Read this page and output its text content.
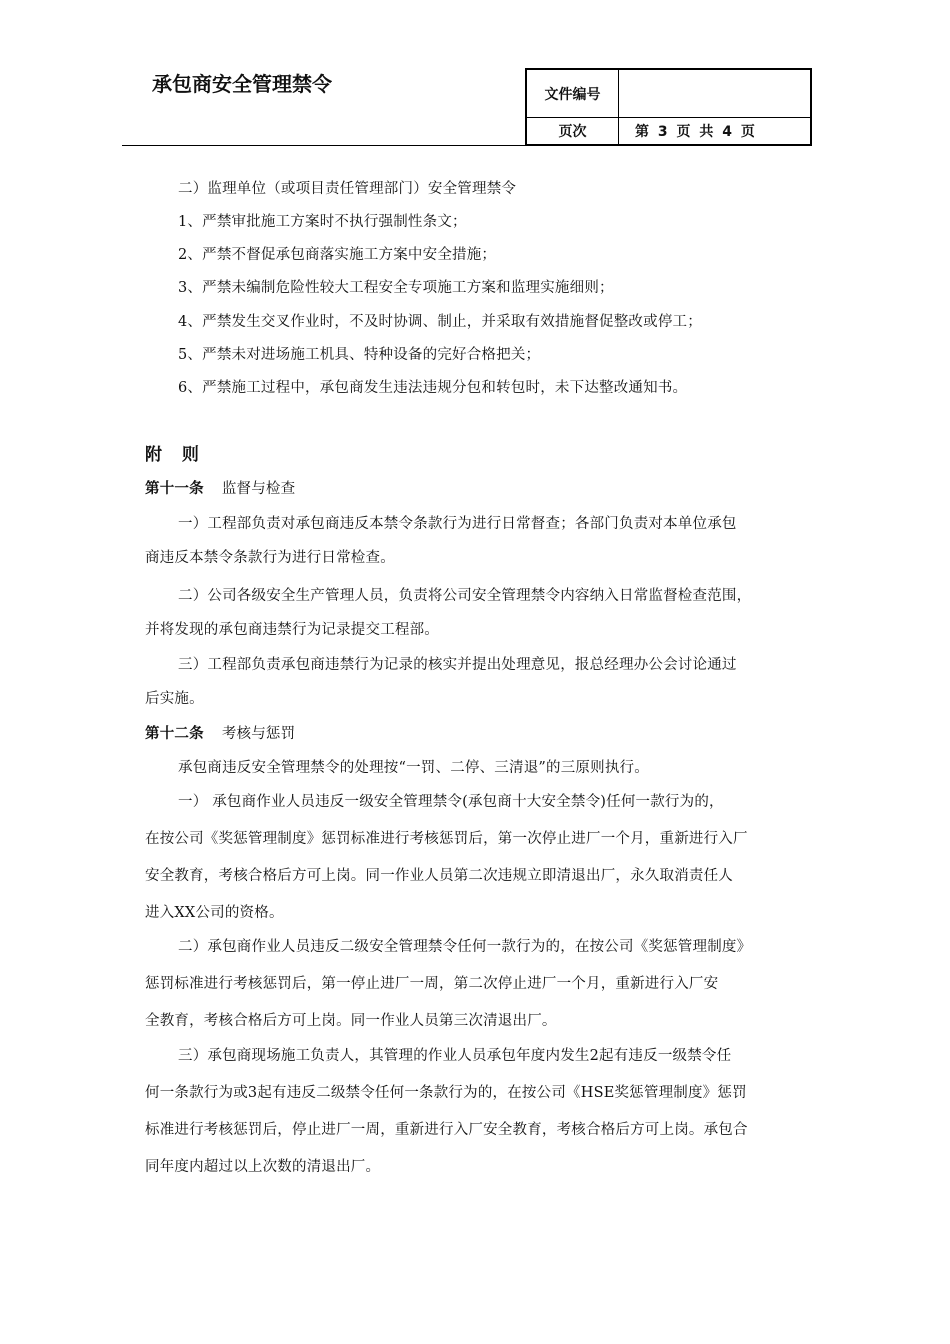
承包商安全管理禁令	文件编号
页次	第 3 页 共 4 页
二）监理单位（或项目责任管理部门）安全管理禁令
1、严禁审批施工方案时不执行强制性条文；
2、严禁不督促承包商落实施工方案中安全措施；
3、严禁未编制危险性较大工程安全专项施工方案和监理实施细则；
4、严禁发生交叉作业时，不及时协调、制止，并采取有效措施督促整改或停工；
5、严禁未对进场施工机具、特种设备的完好合格把关；
6、严禁施工过程中，承包商发生违法违规分包和转包时，未下达整改通知书。
附 则
第十一条 监督与检查
一）工程部负责对承包商违反本禁令条款行为进行日常督查；各部门负责对本单位承包
商违反本禁令条款行为进行日常检查。
二）公司各级安全生产管理人员，负责将公司安全管理禁令内容纳入日常监督检查范围，
并将发现的承包商违禁行为记录提交工程部。
三）工程部负责承包商违禁行为记录的核实并提出处理意见，报总经理办公会讨论通过
后实施。
第十二条 考核与惩罚
承包商违反安全管理禁令的处理按“一罚、二停、三清退”的三原则执行。
一） 承包商作业人员违反一级安全管理禁令(承包商十大安全禁令)任何一款行为的，
在按公司《奖惩管理制度》惩罚标准进行考核惩罚后，第一次停止进厂一个月，重新进行入厂
安全教育，考核合格后方可上岗。同一作业人员第二次违规立即清退出厂，永久取消责任人
进入XX公司的资格。
二）承包商作业人员违反二级安全管理禁令任何一款行为的，在按公司《奖惩管理制度》
惩罚标准进行考核惩罚后，第一停止进厂一周，第二次停止进厂一个月，重新进行入厂安
全教育，考核合格后方可上岗。同一作业人员第三次清退出厂。
三）承包商现场施工负责人，其管理的作业人员承包年度内发生2起有违反一级禁令任
何一条款行为或3起有违反二级禁令任何一条款行为的，在按公司《HSE奖惩管理制度》惩罚
标准进行考核惩罚后，停止进厂一周，重新进行入厂安全教育，考核合格后方可上岗。承包合
同年度内超过以上次数的清退出厂。
